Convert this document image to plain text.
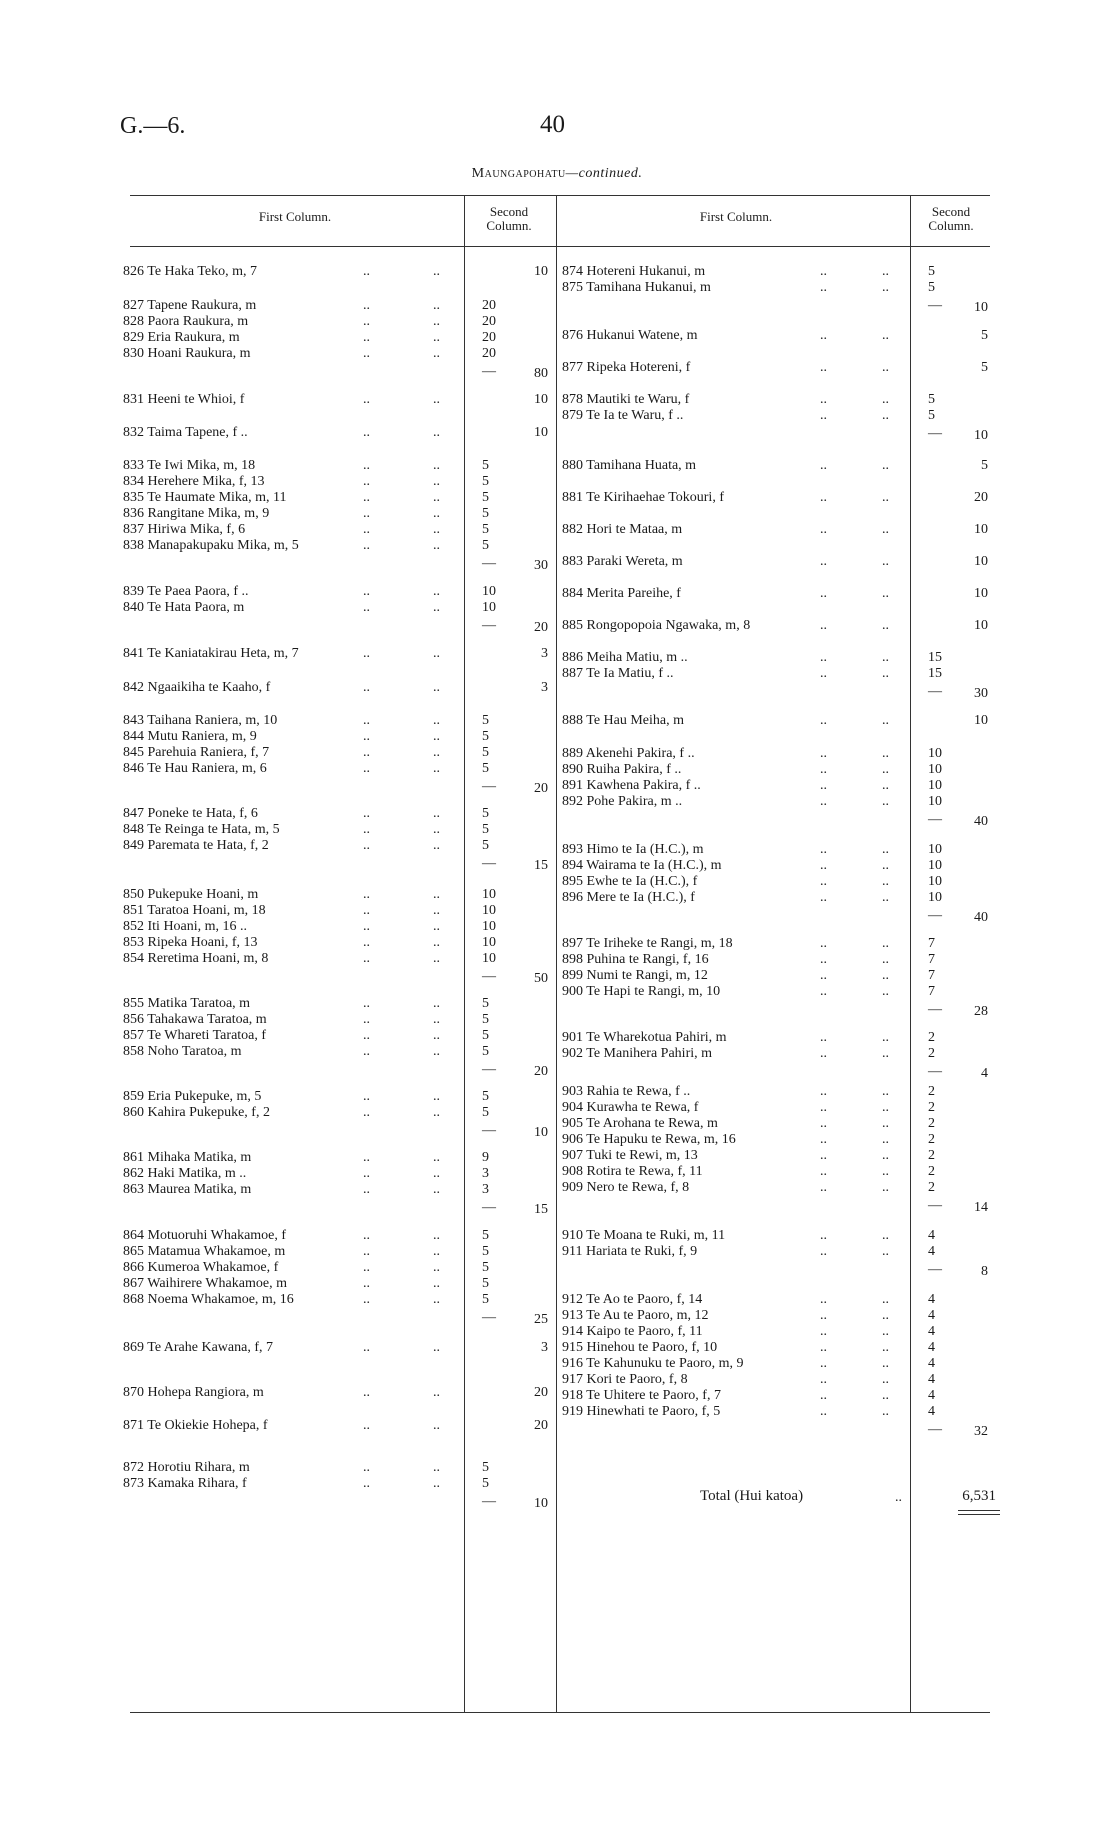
G.—6.	40
Maungapohatu—continued.
First Column.	Second
Column.
First Column.	Second
Column.
826 Te Haka Teko, m, 7	..	..	10
827 Tapene Raukura, m	..	..	20
828 Paora Raukura, m	..	..	20
829 Eria Raukura, m	..	..	20
830 Hoani Raukura, m	..	..	20
—	80
831 Heeni te Whioi, f	..	..	10
832 Taima Tapene, f ..	..	..	10
833 Te Iwi Mika, m, 18	..	..	5
834 Herehere Mika, f, 13	..	..	5
835 Te Haumate Mika, m, 11	..	..	5
836 Rangitane Mika, m, 9	..	..	5
837 Hiriwa Mika, f, 6	..	..	5
838 Manapakupaku Mika, m, 5	..	..	5
—	30
839 Te Paea Paora, f ..	..	..	10
840 Te Hata Paora, m	..	..	10
—	20
841 Te Kaniatakirau Heta, m, 7	..	..	3
842 Ngaaikiha te Kaaho, f	..	..	3
843 Taihana Raniera, m, 10	..	..	5
844 Mutu Raniera, m, 9	..	..	5
845 Parehuia Raniera, f, 7	..	..	5
846 Te Hau Raniera, m, 6	..	..	5
—	20
847 Poneke te Hata, f, 6	..	..	5
848 Te Reinga te Hata, m, 5	..	..	5
849 Paremata te Hata, f, 2	..	..	5
—	15
850 Pukepuke Hoani, m	..	..	10
851 Taratoa Hoani, m, 18	..	..	10
852 Iti Hoani, m, 16 ..	..	..	10
853 Ripeka Hoani, f, 13	..	..	10
854 Reretima Hoani, m, 8	..	..	10
—	50
855 Matika Taratoa, m	..	..	5
856 Tahakawa Taratoa, m	..	..	5
857 Te Whareti Taratoa, f	..	..	5
858 Noho Taratoa, m	..	..	5
—	20
859 Eria Pukepuke, m, 5	..	..	5
860 Kahira Pukepuke, f, 2	..	..	5
—	10
861 Mihaka Matika, m	..	..	9
862 Haki Matika, m ..	..	..	3
863 Maurea Matika, m	..	..	3
—	15
864 Motuoruhi Whakamoe, f	..	..	5
865 Matamua Whakamoe, m	..	..	5
866 Kumeroa Whakamoe, f	..	..	5
867 Waihirere Whakamoe, m	..	..	5
868 Noema Whakamoe, m, 16	..	..	5
—	25
869 Te Arahe Kawana, f, 7	..	..	3
870 Hohepa Rangiora, m	..	..	20
871 Te Okiekie Hohepa, f	..	..	20
872 Horotiu Rihara, m	..	..	5
873 Kamaka Rihara, f	..	..	5
—	10
874 Hotereni Hukanui, m	..	..	5
875 Tamihana Hukanui, m	..	..	5
—	10
876 Hukanui Watene, m	..	..	5
877 Ripeka Hotereni, f	..	..	5
878 Mautiki te Waru, f	..	..	5
879 Te Ia te Waru, f ..	..	..	5
—	10
880 Tamihana Huata, m	..	..	5
881 Te Kirihaehae Tokouri, f	..	..	20
882 Hori te Mataa, m	..	..	10
883 Paraki Wereta, m	..	..	10
884 Merita Pareihe, f	..	..	10
885 Rongopopoia Ngawaka, m, 8	..	..	10
886 Meiha Matiu, m ..	..	..	15
887 Te Ia Matiu, f ..	..	..	15
—	30
888 Te Hau Meiha, m	..	..	10
889 Akenehi Pakira, f ..	..	..	10
890 Ruiha Pakira, f ..	..	..	10
891 Kawhena Pakira, f ..	..	..	10
892 Pohe Pakira, m ..	..	..	10
—	40
893 Himo te Ia (H.C.), m	..	..	10
894 Wairama te Ia (H.C.), m	..	..	10
895 Ewhe te Ia (H.C.), f	..	..	10
896 Mere te Ia (H.C.), f	..	..	10
—	40
897 Te Iriheke te Rangi, m, 18	..	..	7
898 Puhina te Rangi, f, 16	..	..	7
899 Numi te Rangi, m, 12	..	..	7
900 Te Hapi te Rangi, m, 10	..	..	7
—	28
901 Te Wharekotua Pahiri, m	..	..	2
902 Te Manihera Pahiri, m	..	..	2
—	4
903 Rahia te Rewa, f ..	..	..	2
904 Kurawha te Rewa, f	..	..	2
905 Te Arohana te Rewa, m	..	..	2
906 Te Hapuku te Rewa, m, 16	..	..	2
907 Tuki te Rewi, m, 13	..	..	2
908 Rotira te Rewa, f, 11	..	..	2
909 Nero te Rewa, f, 8	..	..	2
—	14
910 Te Moana te Ruki, m, 11	..	..	4
911 Hariata te Ruki, f, 9	..	..	4
—	8
912 Te Ao te Paoro, f, 14	..	..	4
913 Te Au te Paoro, m, 12	..	..	4
914 Kaipo te Paoro, f, 11	..	..	4
915 Hinehou te Paoro, f, 10	..	..	4
916 Te Kahunuku te Paoro, m, 9	..	..	4
917 Kori te Paoro, f, 8	..	..	4
918 Te Uhitere te Paoro, f, 7	..	..	4
919 Hinewhati te Paoro, f, 5	..	..	4
—	32
Total (Hui katoa)	..	6,531
